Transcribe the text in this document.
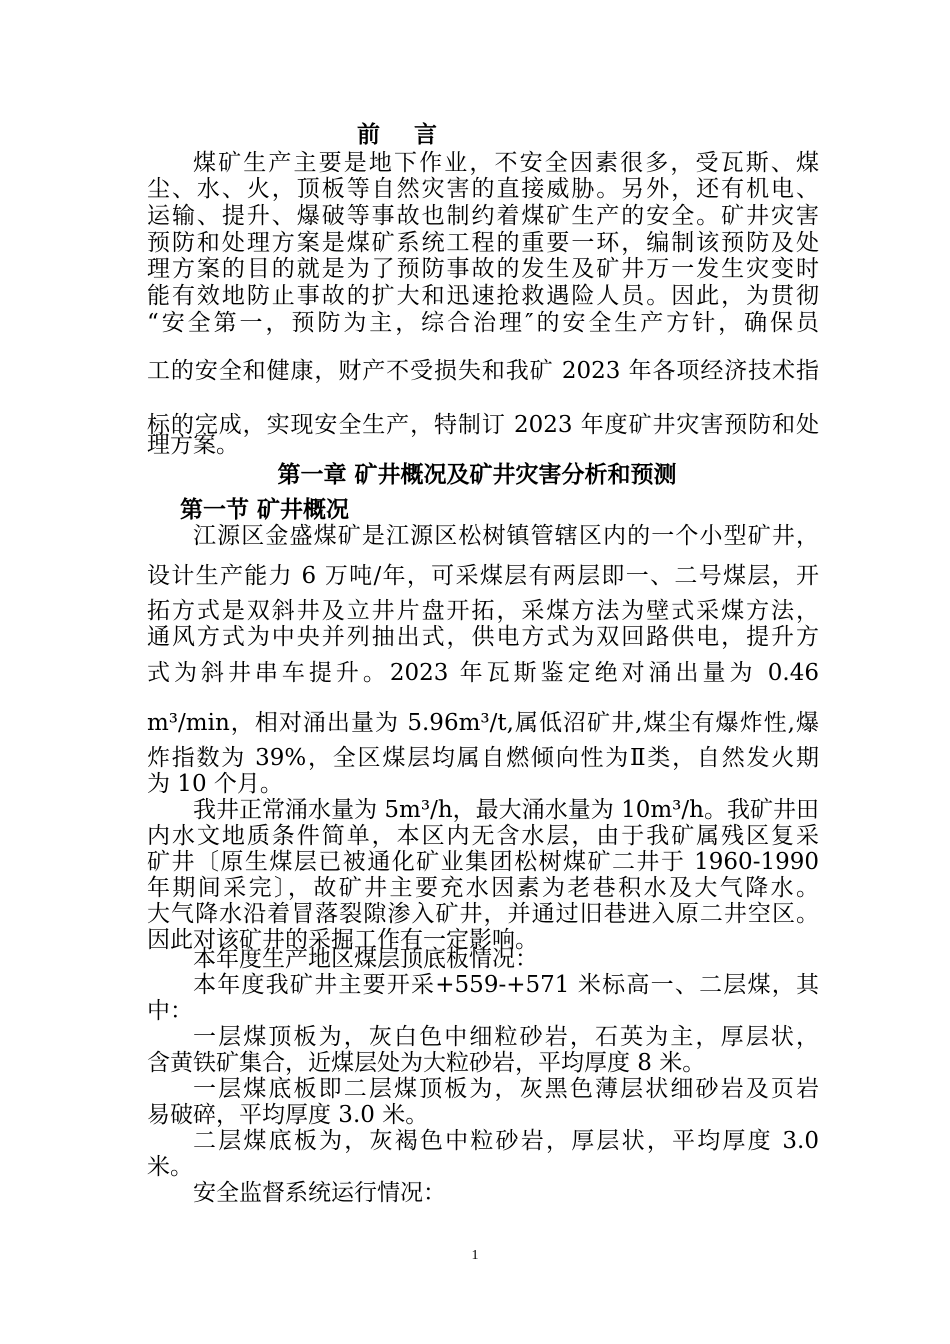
前　言
煤矿生产主要是地下作业，不安全因素很多，受瓦斯、煤
尘、水、火，顶板等自然灾害的直接威胁。另外，还有机电、
运输、提升、爆破等事故也制约着煤矿生产的安全。矿井灾害
预防和处理方案是煤矿系统工程的重要一环，编制该预防及处
理方案的目的就是为了预防事故的发生及矿井万一发生灾变时
能有效地防止事故的扩大和迅速抢救遇险人员。因此，为贯彻
“安全第一，预防为主，综合治理″的安全生产方针，确保员
工的安全和健康，财产不受损失和我矿 2023 年各项经济技术指
标的完成，实现安全生产，特制订 2023 年度矿井灾害预防和处
理方案。
第一章 矿井概况及矿井灾害分析和预测
第一节 矿井概况
江源区金盛煤矿是江源区松树镇管辖区内的一个小型矿井，
设计生产能力 6 万吨/年，可采煤层有两层即一、二号煤层，开
拓方式是双斜井及立井片盘开拓，采煤方法为壁式采煤方法，
通风方式为中央并列抽出式，供电方式为双回路供电，提升方
式为斜井串车提升。2023 年瓦斯鉴定绝对涌出量为 0.46
m³/min，相对涌出量为 5.96m³/t,属低沼矿井,煤尘有爆炸性,爆
炸指数为 39%，全区煤层均属自燃倾向性为Ⅱ类，自然发火期
为 10 个月。
我井正常涌水量为 5m³/h，最大涌水量为 10m³/h。我矿井田
内水文地质条件简单，本区内无含水层，由于我矿属残区复采
矿井〔原生煤层已被通化矿业集团松树煤矿二井于 1960-1990
年期间采完〕，故矿井主要充水因素为老巷积水及大气降水。
大气降水沿着冒落裂隙渗入矿井，并通过旧巷进入原二井空区。
因此对该矿井的采掘工作有一定影响。
本年度生产地区煤层顶底板情况：
本年度我矿井主要开采+559-+571 米标高一、二层煤，其
中：
一层煤顶板为，灰白色中细粒砂岩，石英为主，厚层状，
含黄铁矿集合，近煤层处为大粒砂岩，平均厚度 8 米。
一层煤底板即二层煤顶板为，灰黑色薄层状细砂岩及页岩
易破碎，平均厚度 3.0 米。
二层煤底板为，灰褐色中粒砂岩，厚层状，平均厚度 3.0
米。
安全监督系统运行情况：
1
